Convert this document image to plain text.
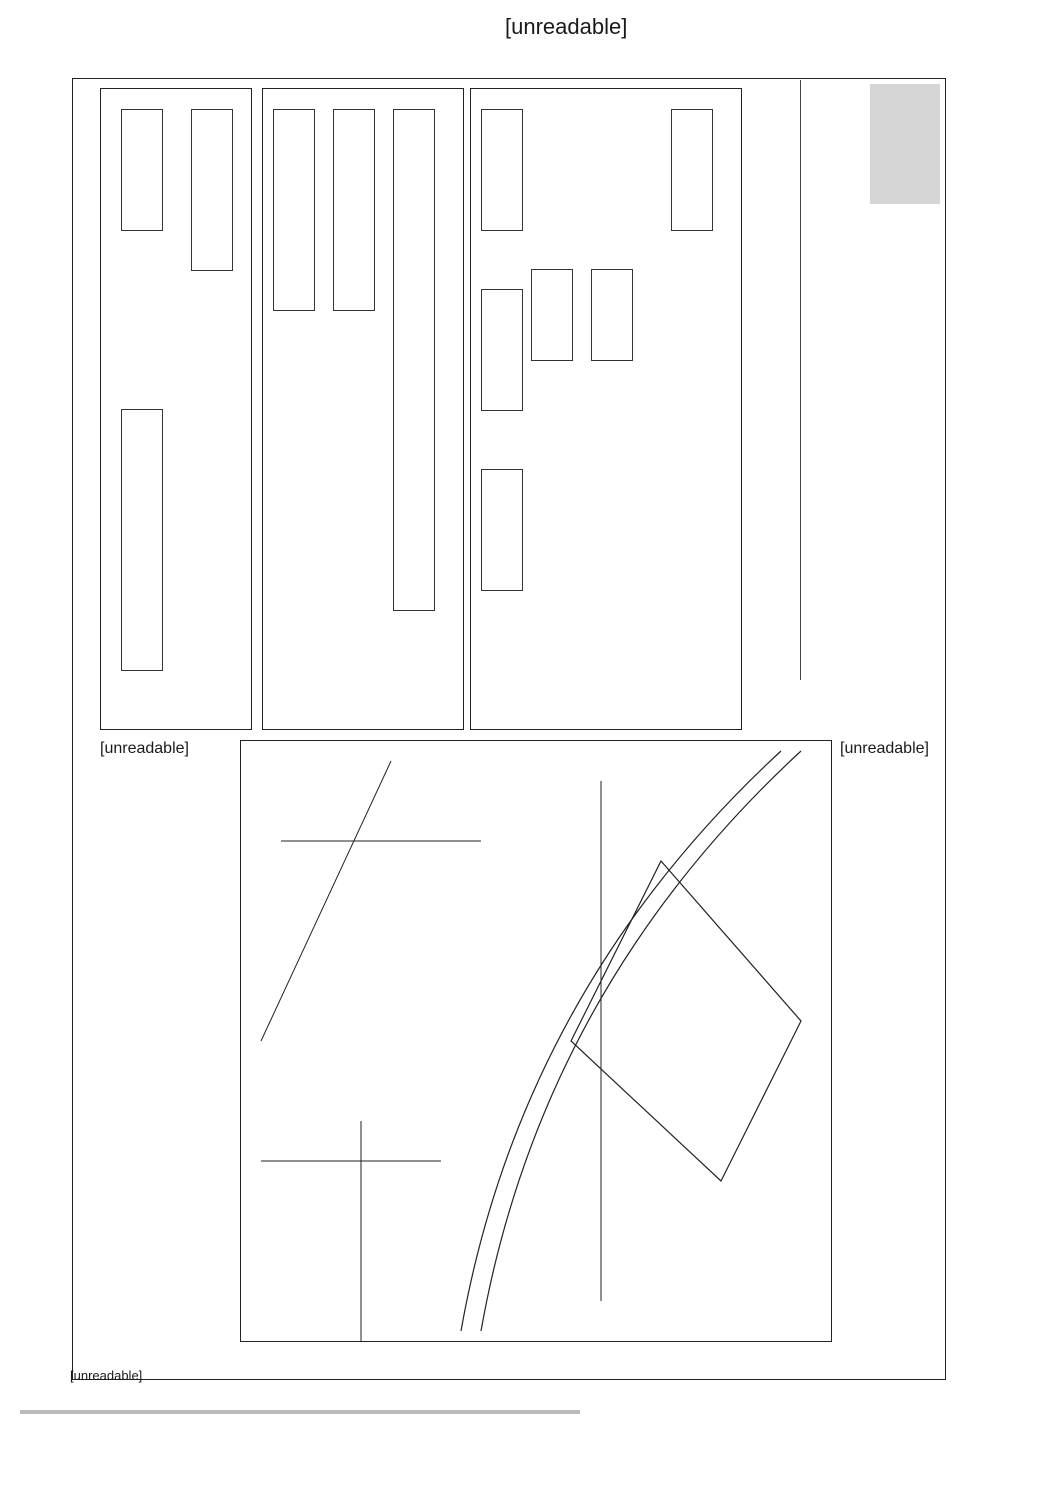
[unreadable]
[unreadable]
[unreadable]
[unreadable]
